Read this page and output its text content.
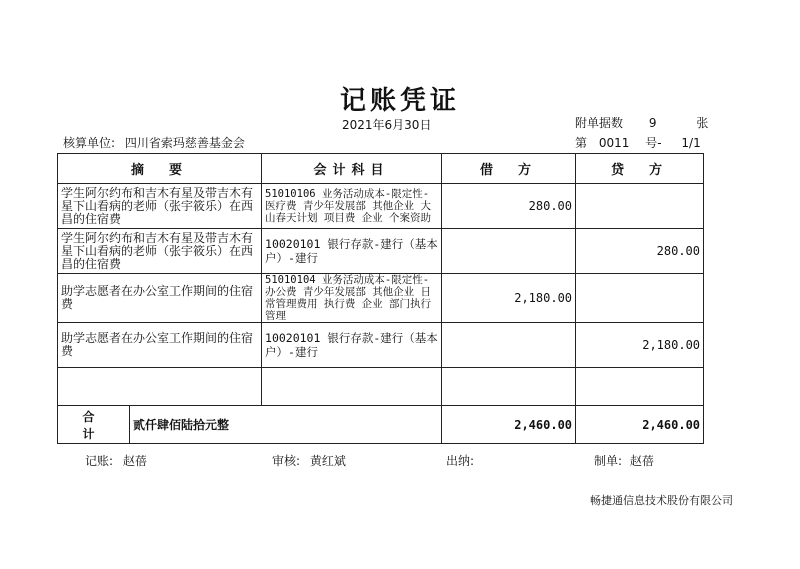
记账凭证
2021年6月30日	附单据数 9	张
核算单位: 四川省索玛慈善基金会	第 0011 号- 1/1
摘　要		会计科目	借　方	贷　方
学生阿尔约布和吉木有星及带吉木有星下山看病的老师（张宇筱乐）在西昌的住宿费		51010106 业务活动成本-限定性-医疗费 青少年发展部 其他企业 大山春天计划 项目费 企业 个案资助	280.00	
学生阿尔约布和吉木有星及带吉木有星下山看病的老师（张宇筱乐）在西昌的住宿费		10020101 银行存款-建行（基本户）-建行		280.00
助学志愿者在办公室工作期间的住宿费		51010104 业务活动成本-限定性-办公费 青少年发展部 其他企业 日常管理费用 执行费 企业 部门执行管理	2,180.00	
助学志愿者在办公室工作期间的住宿费		10020101 银行存款-建行（基本户）-建行		2,180.00

合　计	贰仟肆佰陆拾元整		2,460.00	2,460.00
记账: 赵蓓	审核: 黄红斌	出纳:	制单: 赵蓓
畅捷通信息技术股份有限公司
